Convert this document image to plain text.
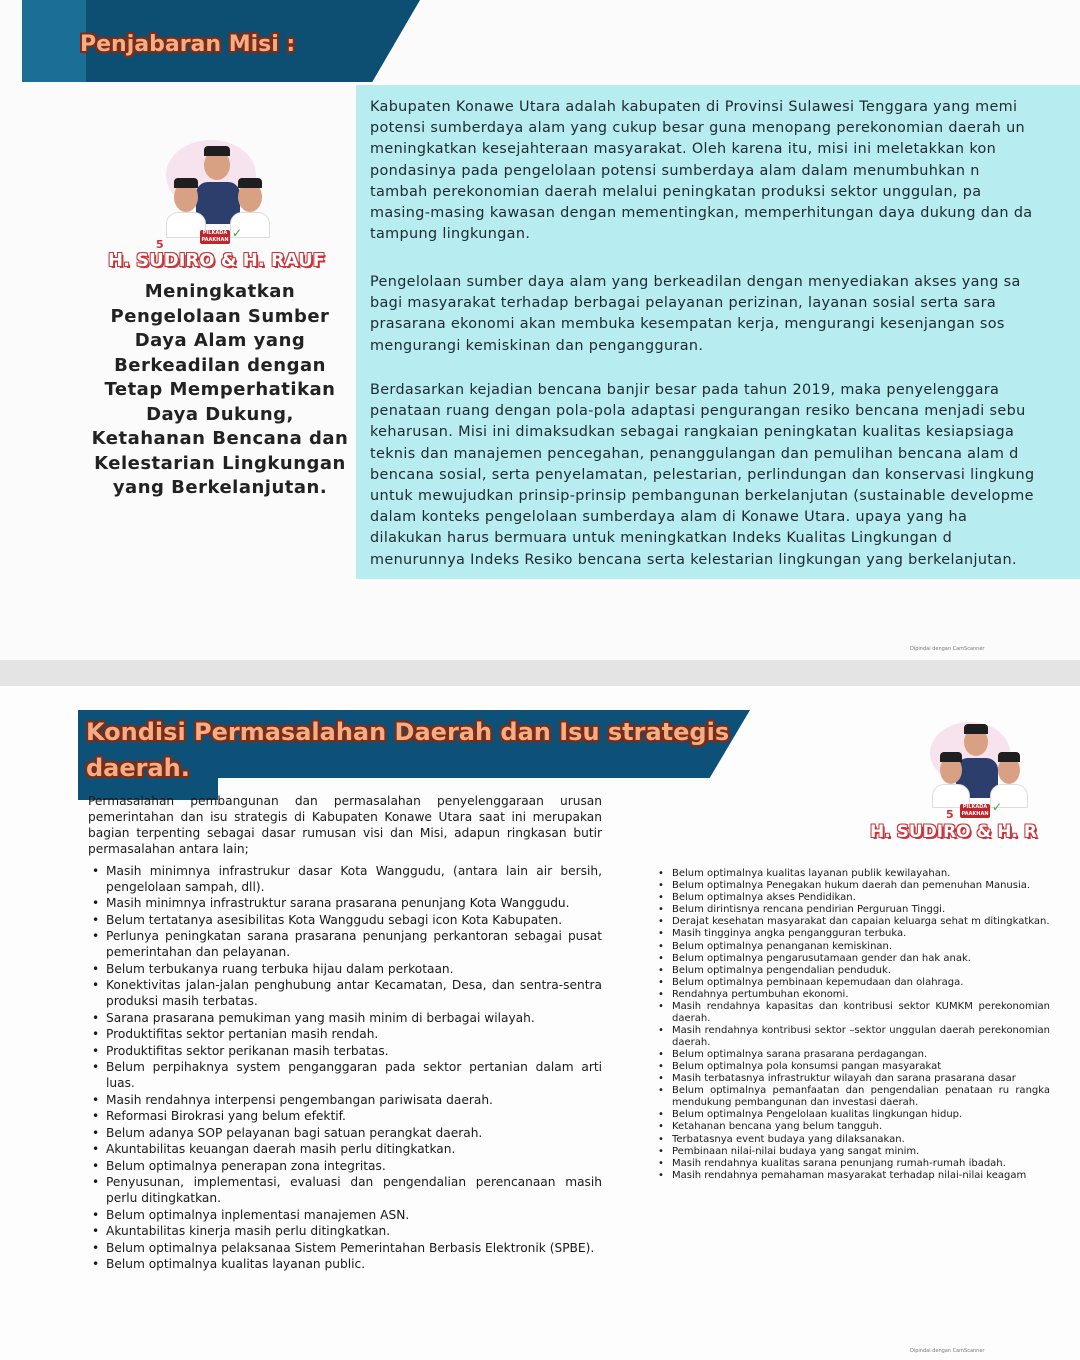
Penjabaran Misi :
PILKADA PAAKHAN ✓
5
H. SUDIRO & H. RAUF
Meningkatkan
Pengelolaan Sumber
Daya Alam yang
Berkeadilan dengan
Tetap Memperhatikan
Daya Dukung,
Ketahanan Bencana dan
Kelestarian Lingkungan
yang Berkelanjutan.
Kabupaten Konawe Utara adalah kabupaten di Provinsi Sulawesi Tenggara yang memi
potensi sumberdaya alam yang cukup besar guna menopang perekonomian daerah un
meningkatkan kesejahteraan masyarakat. Oleh karena itu, misi ini meletakkan kon
pondasinya pada pengelolaan potensi sumberdaya alam dalam menumbuhkan n
tambah perekonomian daerah melalui peningkatan produksi sektor unggulan, pa
masing-masing kawasan dengan mementingkan, memperhitungan daya dukung dan da
tampung lingkungan.
Pengelolaan sumber daya alam yang berkeadilan dengan menyediakan akses yang sa
bagi masyarakat terhadap berbagai pelayanan perizinan, layanan sosial serta sara
prasarana ekonomi akan membuka kesempatan kerja, mengurangi kesenjangan sos
mengurangi kemiskinan dan pengangguran.
Berdasarkan kejadian bencana banjir besar pada tahun 2019, maka penyelenggara
penataan ruang dengan pola-pola adaptasi pengurangan resiko bencana menjadi sebu
keharusan. Misi ini dimaksudkan sebagai rangkaian peningkatan kualitas kesiapsiaga
teknis dan manajemen pencegahan, penanggulangan dan pemulihan bencana alam d
bencana sosial, serta penyelamatan, pelestarian, perlindungan dan konservasi lingkung
untuk mewujudkan prinsip-prinsip pembangunan berkelanjutan (sustainable developme
dalam konteks pengelolaan sumberdaya alam di Konawe Utara. upaya yang ha
dilakukan harus bermuara untuk meningkatkan Indeks Kualitas Lingkungan d
menurunnya Indeks Resiko bencana serta kelestarian lingkungan yang berkelanjutan.
Dipindai dengan CamScanner
Kondisi Permasalahan Daerah dan Isu strategis
daerah.
PILKADA PAAKHAN ✓
5
H. SUDIRO & H. R
Permasalahan pembangunan dan permasalahan penyelenggaraan urusan pemerintahan dan isu strategis di Kabupaten Konawe Utara saat ini merupakan bagian terpenting sebagai dasar rumusan visi dan Misi, adapun ringkasan butir permasalahan antara lain;
• Masih minimnya infrastrukur dasar Kota Wanggudu, (antara lain air bersih, pengelolaan sampah, dll).
• Masih minimnya infrastruktur sarana prasarana penunjang Kota Wanggudu.
• Belum tertatanya asesibilitas Kota Wanggudu sebagi icon Kota Kabupaten.
• Perlunya peningkatan sarana prasarana penunjang perkantoran sebagai pusat pemerintahan dan pelayanan.
• Belum terbukanya ruang terbuka hijau dalam perkotaan.
• Konektivitas jalan-jalan penghubung antar Kecamatan, Desa, dan sentra-sentra produksi masih terbatas.
• Sarana prasarana pemukiman yang masih minim di berbagai wilayah.
• Produktifitas sektor pertanian masih rendah.
• Produktifitas sektor perikanan masih terbatas.
• Belum perpihaknya system penganggaran pada sektor pertanian dalam arti luas.
• Masih rendahnya interpensi pengembangan pariwisata daerah.
• Reformasi Birokrasi yang belum efektif.
• Belum adanya SOP pelayanan bagi satuan perangkat daerah.
• Akuntabilitas keuangan daerah masih perlu ditingkatkan.
• Belum optimalnya penerapan zona integritas.
• Penyusunan, implementasi, evaluasi dan pengendalian perencanaan masih perlu ditingkatkan.
• Belum optimalnya inplementasi manajemen ASN.
• Akuntabilitas kinerja masih perlu ditingkatkan.
• Belum optimalnya pelaksanaa Sistem Pemerintahan Berbasis Elektronik (SPBE).
• Belum optimalnya kualitas layanan public.
• Belum optimalnya kualitas layanan publik kewilayahan.
• Belum optimalnya Penegakan hukum daerah dan pemenuhan Manusia.
• Belum optimalnya akses Pendidikan.
• Belum dirintisnya rencana pendirian Perguruan Tinggi.
• Derajat kesehatan masyarakat dan capaian keluarga sehat m ditingkatkan.
• Masih tingginya angka pengangguran terbuka.
• Belum optimalnya penanganan kemiskinan.
• Belum optimalnya pengarusutamaan gender dan hak anak.
• Belum optimalnya pengendalian penduduk.
• Belum optimalnya pembinaan kepemudaan dan olahraga.
• Rendahnya pertumbuhan ekonomi.
• Masih rendahnya kapasitas dan kontribusi sektor KUMKM perekonomian daerah.
• Masih rendahnya kontribusi sektor –sektor unggulan daerah perekonomian daerah.
• Belum optimalnya sarana prasarana perdagangan.
• Belum optimalnya pola konsumsi pangan masyarakat
• Masih terbatasnya infrastruktur wilayah dan sarana prasarana dasar
• Belum optimalnya pemanfaatan dan pengendalian penataan ru rangka mendukung pembangunan dan investasi daerah.
• Belum optimalnya Pengelolaan kualitas lingkungan hidup.
• Ketahanan bencana yang belum tangguh.
• Terbatasnya event budaya yang dilaksanakan.
• Pembinaan nilai-nilai budaya yang sangat minim.
• Masih rendahnya kualitas sarana penunjang rumah-rumah ibadah.
• Masih rendahnya pemahaman masyarakat terhadap nilai-nilai keagam
Dipindai dengan CamScanner
